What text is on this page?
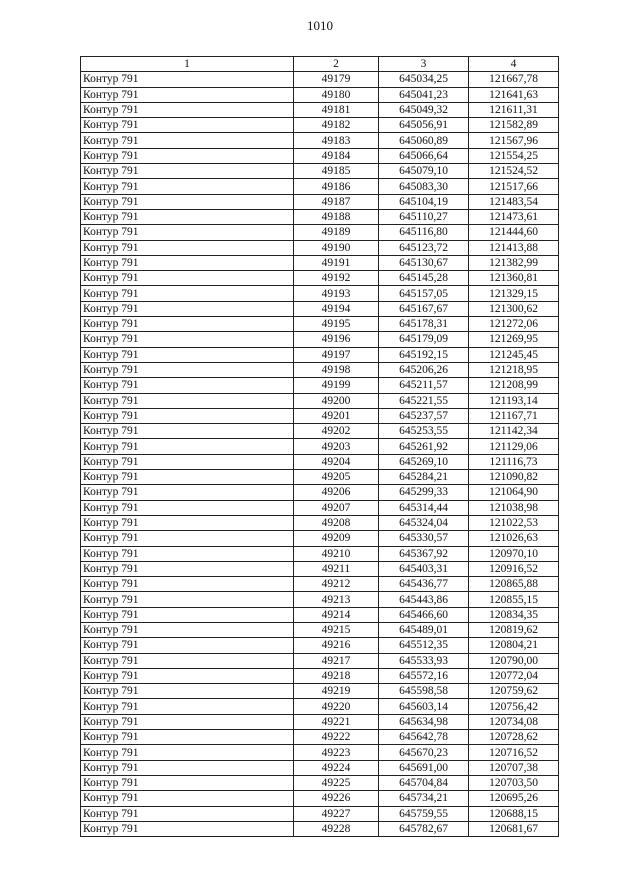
1010
1	2	3	4
Контур 791	49179	645034,25	121667,78
Контур 791	49180	645041,23	121641,63
Контур 791	49181	645049,32	121611,31
Контур 791	49182	645056,91	121582,89
Контур 791	49183	645060,89	121567,96
Контур 791	49184	645066,64	121554,25
Контур 791	49185	645079,10	121524,52
Контур 791	49186	645083,30	121517,66
Контур 791	49187	645104,19	121483,54
Контур 791	49188	645110,27	121473,61
Контур 791	49189	645116,80	121444,60
Контур 791	49190	645123,72	121413,88
Контур 791	49191	645130,67	121382,99
Контур 791	49192	645145,28	121360,81
Контур 791	49193	645157,05	121329,15
Контур 791	49194	645167,67	121300,62
Контур 791	49195	645178,31	121272,06
Контур 791	49196	645179,09	121269,95
Контур 791	49197	645192,15	121245,45
Контур 791	49198	645206,26	121218,95
Контур 791	49199	645211,57	121208,99
Контур 791	49200	645221,55	121193,14
Контур 791	49201	645237,57	121167,71
Контур 791	49202	645253,55	121142,34
Контур 791	49203	645261,92	121129,06
Контур 791	49204	645269,10	121116,73
Контур 791	49205	645284,21	121090,82
Контур 791	49206	645299,33	121064,90
Контур 791	49207	645314,44	121038,98
Контур 791	49208	645324,04	121022,53
Контур 791	49209	645330,57	121026,63
Контур 791	49210	645367,92	120970,10
Контур 791	49211	645403,31	120916,52
Контур 791	49212	645436,77	120865,88
Контур 791	49213	645443,86	120855,15
Контур 791	49214	645466,60	120834,35
Контур 791	49215	645489,01	120819,62
Контур 791	49216	645512,35	120804,21
Контур 791	49217	645533,93	120790,00
Контур 791	49218	645572,16	120772,04
Контур 791	49219	645598,58	120759,62
Контур 791	49220	645603,14	120756,42
Контур 791	49221	645634,98	120734,08
Контур 791	49222	645642,78	120728,62
Контур 791	49223	645670,23	120716,52
Контур 791	49224	645691,00	120707,38
Контур 791	49225	645704,84	120703,50
Контур 791	49226	645734,21	120695,26
Контур 791	49227	645759,55	120688,15
Контур 791	49228	645782,67	120681,67
